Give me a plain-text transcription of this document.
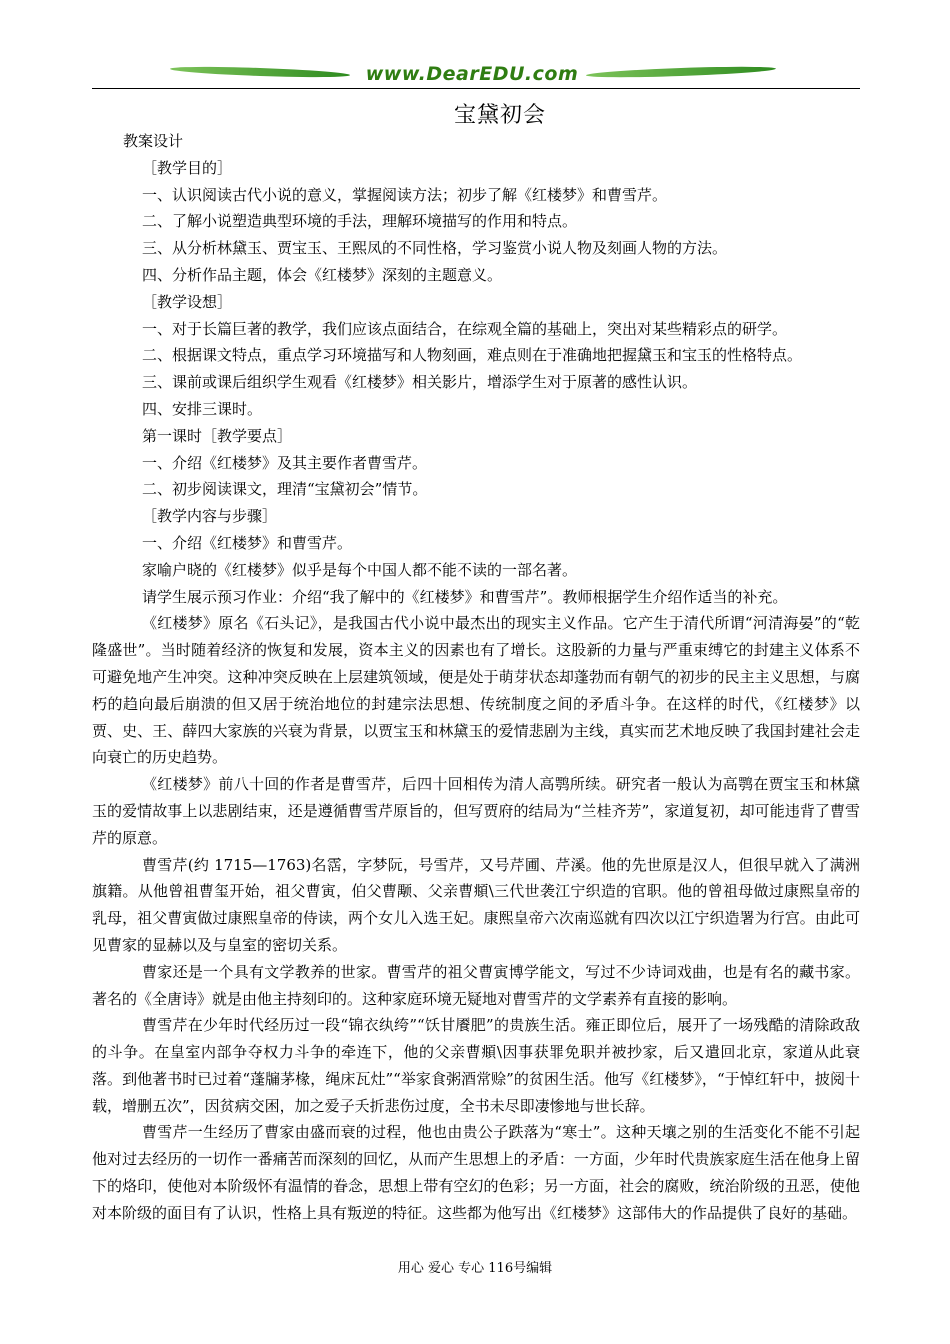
www.DearEDU.com
宝黛初会

教案设计

［教学目的］

一、认识阅读古代小说的意义，掌握阅读方法；初步了解《红楼梦》和曹雪芹。

二、了解小说塑造典型环境的手法，理解环境描写的作用和特点。

三、从分析林黛玉、贾宝玉、王熙凤的不同性格，学习鉴赏小说人物及刻画人物的方法。

四、分析作品主题，体会《红楼梦》深刻的主题意义。

［教学设想］

一、对于长篇巨著的教学，我们应该点面结合，在综观全篇的基础上，突出对某些精彩点的研学。

二、根据课文特点，重点学习环境描写和人物刻画，难点则在于准确地把握黛玉和宝玉的性格特点。

三、课前或课后组织学生观看《红楼梦》相关影片，增添学生对于原著的感性认识。

四、安排三课时。

第一课时［教学要点］

一、介绍《红楼梦》及其主要作者曹雪芹。

二、初步阅读课文，理清“宝黛初会”情节。

［教学内容与步骤］

一、介绍《红楼梦》和曹雪芹。

家喻户晓的《红楼梦》似乎是每个中国人都不能不读的一部名著。

请学生展示预习作业：介绍“我了解中的《红楼梦》和曹雪芹”。教师根据学生介绍作适当的补充。

《红楼梦》原名《石头记》，是我国古代小说中最杰出的现实主义作品。它产生于清代所谓“河清海晏”的“乾隆盛世”。当时随着经济的恢复和发展，资本主义的因素也有了增长。这股新的力量与严重束缚它的封建主义体系不可避免地产生冲突。这种冲突反映在上层建筑领域，便是处于萌芽状态却蓬勃而有朝气的初步的民主主义思想，与腐朽的趋向最后崩溃的但又居于统治地位的封建宗法思想、传统制度之间的矛盾斗争。在这样的时代，《红楼梦》以贾、史、王、薛四大家族的兴衰为背景，以贾宝玉和林黛玉的爱情悲剧为主线，真实而艺术地反映了我国封建社会走向衰亡的历史趋势。

《红楼梦》前八十回的作者是曹雪芹，后四十回相传为清人高鹗所续。研究者一般认为高鹗在贾宝玉和林黛玉的爱情故事上以悲剧结束，还是遵循曹雪芹原旨的，但写贾府的结局为“兰桂齐芳”，家道复初，却可能违背了曹雪芹的原意。

曹雪芹(约 1715—1763)名霑，字梦阮，号雪芹，又号芹圃、芹溪。他的先世原是汉人，但很早就入了满洲旗籍。从他曾祖曹玺开始，祖父曹寅，伯父曹颙、父亲曹頫\三代世袭江宁织造的官职。他的曾祖母做过康熙皇帝的乳母，祖父曹寅做过康熙皇帝的侍读，两个女儿入选王妃。康熙皇帝六次南巡就有四次以江宁织造署为行宫。由此可见曹家的显赫以及与皇室的密切关系。

曹家还是一个具有文学教养的世家。曹雪芹的祖父曹寅博学能文，写过不少诗词戏曲，也是有名的藏书家。著名的《全唐诗》就是由他主持刻印的。这种家庭环境无疑地对曹雪芹的文学素养有直接的影响。

曹雪芹在少年时代经历过一段“锦衣纨绔”“饫甘餍肥”的贵族生活。雍正即位后，展开了一场残酷的清除政敌的斗争。在皇室内部争夺权力斗争的牵连下，他的父亲曹頫\因事获罪免职并被抄家，后又遣回北京，家道从此衰落。到他著书时已过着“蓬牖茅椽，绳床瓦灶”“举家食粥酒常赊”的贫困生活。他写《红楼梦》，“于悼红轩中，披阅十载，增删五次”，因贫病交困，加之爱子夭折悲伤过度，全书未尽即凄惨地与世长辞。

曹雪芹一生经历了曹家由盛而衰的过程，他也由贵公子跌落为“寒士”。这种天壤之别的生活变化不能不引起他对过去经历的一切作一番痛苦而深刻的回忆，从而产生思想上的矛盾：一方面，少年时代贵族家庭生活在他身上留下的烙印，使他对本阶级怀有温情的眷念，思想上带有空幻的色彩；另一方面，社会的腐败，统治阶级的丑恶，使他对本阶级的面目有了认识，性格上具有叛逆的特征。这些都为他写出《红楼梦》这部伟大的作品提供了良好的基础。

用心 爱心 专心 116号编辑
